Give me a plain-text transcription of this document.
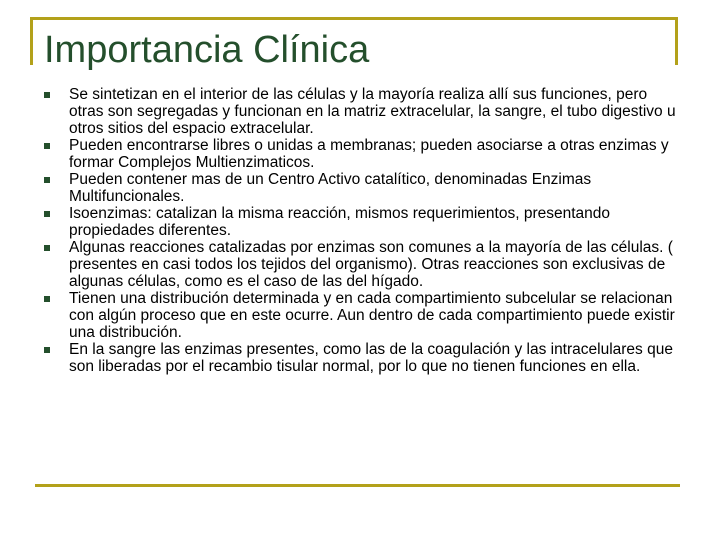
Importancia Clínica
Se sintetizan en el interior de las células y la mayoría realiza allí sus funciones, pero otras son segregadas y funcionan en la matriz extracelular, la sangre, el tubo digestivo u otros sitios del espacio extracelular.
Pueden encontrarse libres o unidas a membranas; pueden asociarse a otras enzimas y formar Complejos Multienzimaticos.
Pueden contener mas de un Centro Activo catalítico, denominadas Enzimas Multifuncionales.
Isoenzimas: catalizan la misma reacción, mismos requerimientos, presentando propiedades diferentes.
Algunas reacciones catalizadas por enzimas son comunes a la mayoría de las células. ( presentes en casi todos los tejidos del organismo). Otras reacciones son exclusivas de algunas células, como es el caso de las del hígado.
Tienen una distribución determinada y en cada compartimiento subcelular se relacionan con algún proceso que en este ocurre. Aun dentro de cada compartimiento puede existir una distribución.
En la sangre las enzimas presentes, como las de la coagulación y las intracelulares que son liberadas por el recambio tisular normal, por lo que no tienen funciones en ella.
